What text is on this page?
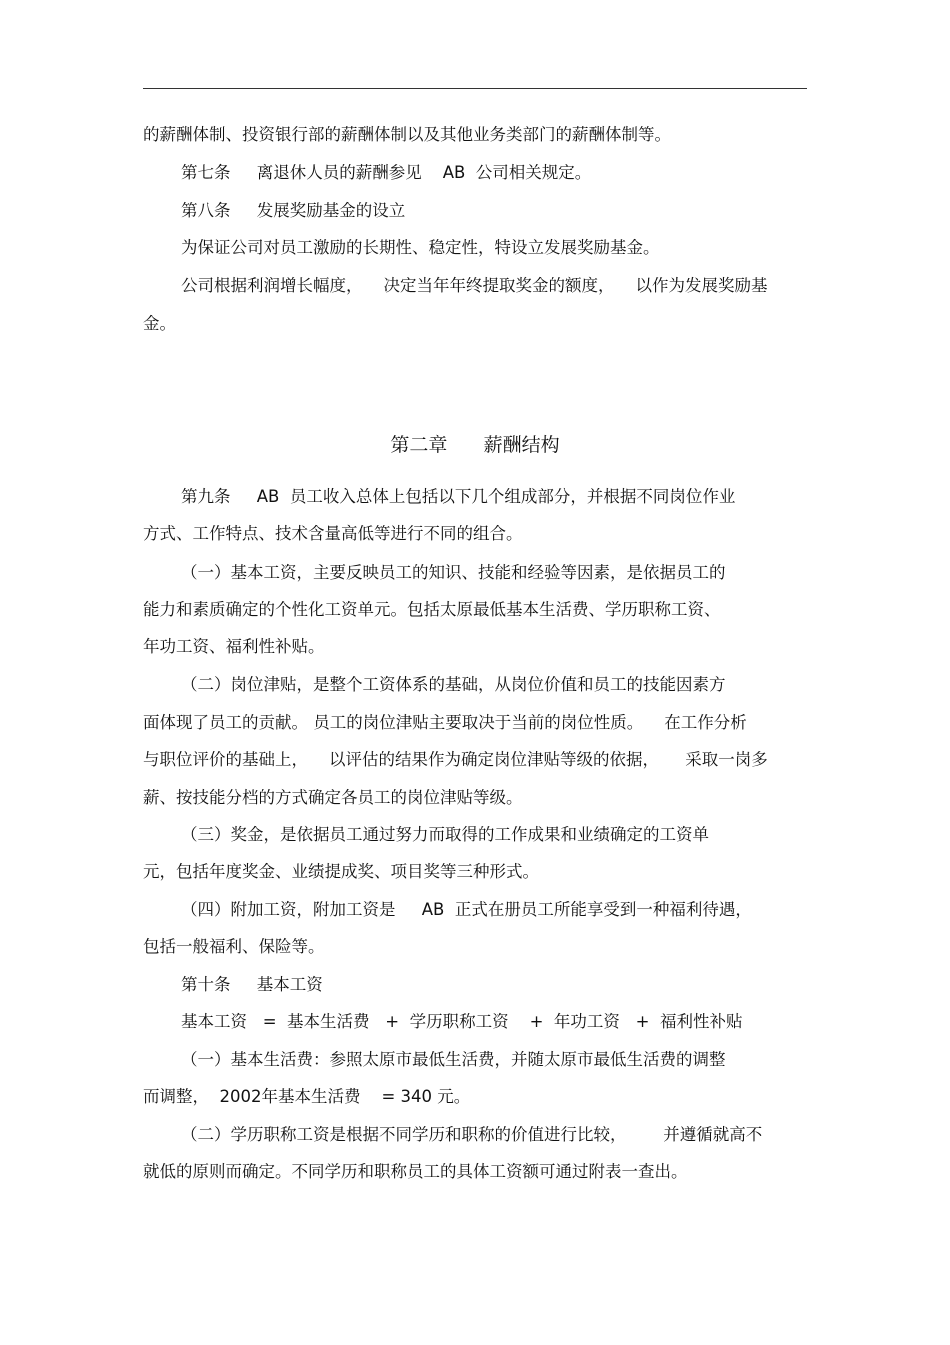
的薪酬体制、投资银行部的薪酬体制以及其他业务类部门的薪酬体制等。
第七条     离退休人员的薪酬参见    AB  公司相关规定。
第八条     发展奖励基金的设立
为保证公司对员工激励的长期性、稳定性，特设立发展奖励基金。
公司根据利润增长幅度，    决定当年年终提取奖金的额度，    以作为发展奖励基
金。
第二章      薪酬结构
第九条     AB  员工收入总体上包括以下几个组成部分，并根据不同岗位作业
方式、工作特点、技术含量高低等进行不同的组合。
（一）基本工资，主要反映员工的知识、技能和经验等因素，是依据员工的
能力和素质确定的个性化工资单元。包括太原最低基本生活费、学历职称工资、
年功工资、福利性补贴。
（二）岗位津贴，是整个工资体系的基础，从岗位价值和员工的技能因素方
面体现了员工的贡献。 员工的岗位津贴主要取决于当前的岗位性质。    在工作分析
与职位评价的基础上，    以评估的结果作为确定岗位津贴等级的依据，     采取一岗多
薪、按技能分档的方式确定各员工的岗位津贴等级。
（三）奖金，是依据员工通过努力而取得的工作成果和业绩确定的工资单
元，包括年度奖金、业绩提成奖、项目奖等三种形式。
（四）附加工资，附加工资是     AB  正式在册员工所能享受到一种福利待遇，
包括一般福利、保险等。
第十条     基本工资
基本工资   =  基本生活费   +  学历职称工资    +  年功工资   +  福利性补贴
（一）基本生活费：参照太原市最低生活费，并随太原市最低生活费的调整
而调整，  2002年基本生活费    = 340 元。
（二）学历职称工资是根据不同学历和职称的价值进行比较，       并遵循就高不
就低的原则而确定。不同学历和职称员工的具体工资额可通过附表一查出。
